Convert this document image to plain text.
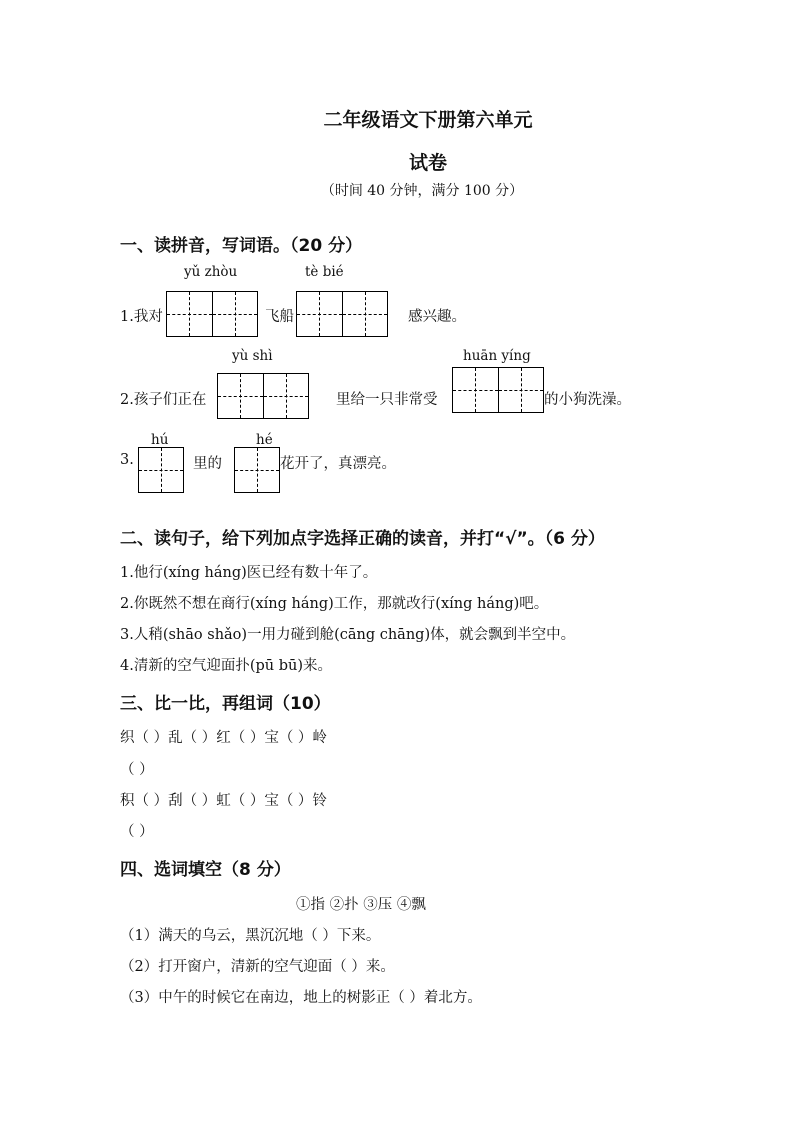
二年级语文下册第六单元
试卷
（时间 40 分钟，满分 100 分）
一、读拼音，写词语。（20 分）
yǔ zhòu	tè bié
1.我对	飞船	感兴趣。
yù shì	huān yíng
2.孩子们正在	里给一只非常受	的小狗洗澡。
hú	hé
3.	里的	花开了，真漂亮。
二、读句子，给下列加点字选择正确的读音，并打“√”。（6 分）
1.他行(xíng háng)医已经有数十年了。
2.你既然不想在商行(xíng háng)工作，那就改行(xíng háng)吧。
3.人稍(shāo shǎo)一用力碰到舱(cāng chāng)体，就会飘到半空中。
4.清新的空气迎面扑(pū bū)来。
三、比一比，再组词（10）
织（ ）乱（ ）红（ ）宝（ ）岭
（ ）
积（ ）刮（ ）虹（ ）宝（ ）铃
（ ）
四、选词填空（8 分）
①指 ②扑 ③压 ④飘
（1）满天的乌云，黑沉沉地（ ）下来。
（2）打开窗户，清新的空气迎面（ ）来。
（3）中午的时候它在南边，地上的树影正（ ）着北方。
